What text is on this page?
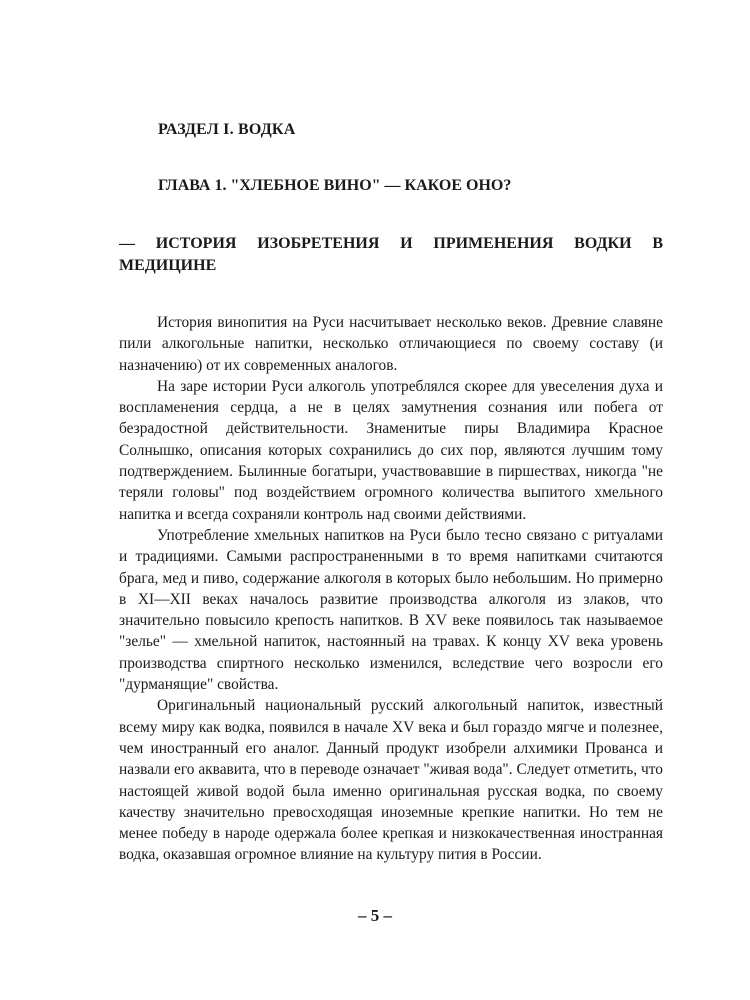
РАЗДЕЛ I. ВОДКА
ГЛАВА 1. "ХЛЕБНОЕ ВИНО" — КАКОЕ ОНО?
— ИСТОРИЯ ИЗОБРЕТЕНИЯ И ПРИМЕНЕНИЯ ВОДКИ В МЕДИЦИНЕ

История винопития на Руси насчитывает несколько веков. Древние славяне пили алкогольные напитки, несколько отличающиеся по своему составу (и назначению) от их современных аналогов.

На заре истории Руси алкоголь употреблялся скорее для увеселения духа и воспламенения сердца, а не в целях замутнения сознания или побега от безрадостной действительности. Знаменитые пиры Владимира Красное Солнышко, описания которых сохранились до сих пор, являются лучшим тому подтверждением. Былинные богатыри, участвовавшие в пиршествах, никогда "не теряли головы" под воздействием огромного количества выпитого хмельного напитка и всегда сохраняли контроль над своими действиями.

Употребление хмельных напитков на Руси было тесно связано с ритуалами и традициями. Самыми распространенными в то время напитками считаются брага, мед и пиво, содержание алкоголя в которых было небольшим. Но примерно в XI—XII веках началось развитие производства алкоголя из злаков, что значительно повысило крепость напитков. В XV веке появилось так называемое "зелье" — хмельной напиток, настоянный на травах. К концу XV века уровень производства спиртного несколько изменился, вследствие чего возросли его "дурманящие" свойства.

Оригинальный национальный русский алкогольный напиток, известный всему миру как водка, появился в начале XV века и был гораздо мягче и полезнее, чем иностранный его аналог. Данный продукт изобрели алхимики Прованса и назвали его аквавита, что в переводе означает "живая вода". Следует отметить, что настоящей живой водой была именно оригинальная русская водка, по своему качеству значительно превосходящая иноземные крепкие напитки. Но тем не менее победу в народе одержала более крепкая и низкокачественная иностранная водка, оказавшая огромное влияние на культуру пития в России.

– 5 –
